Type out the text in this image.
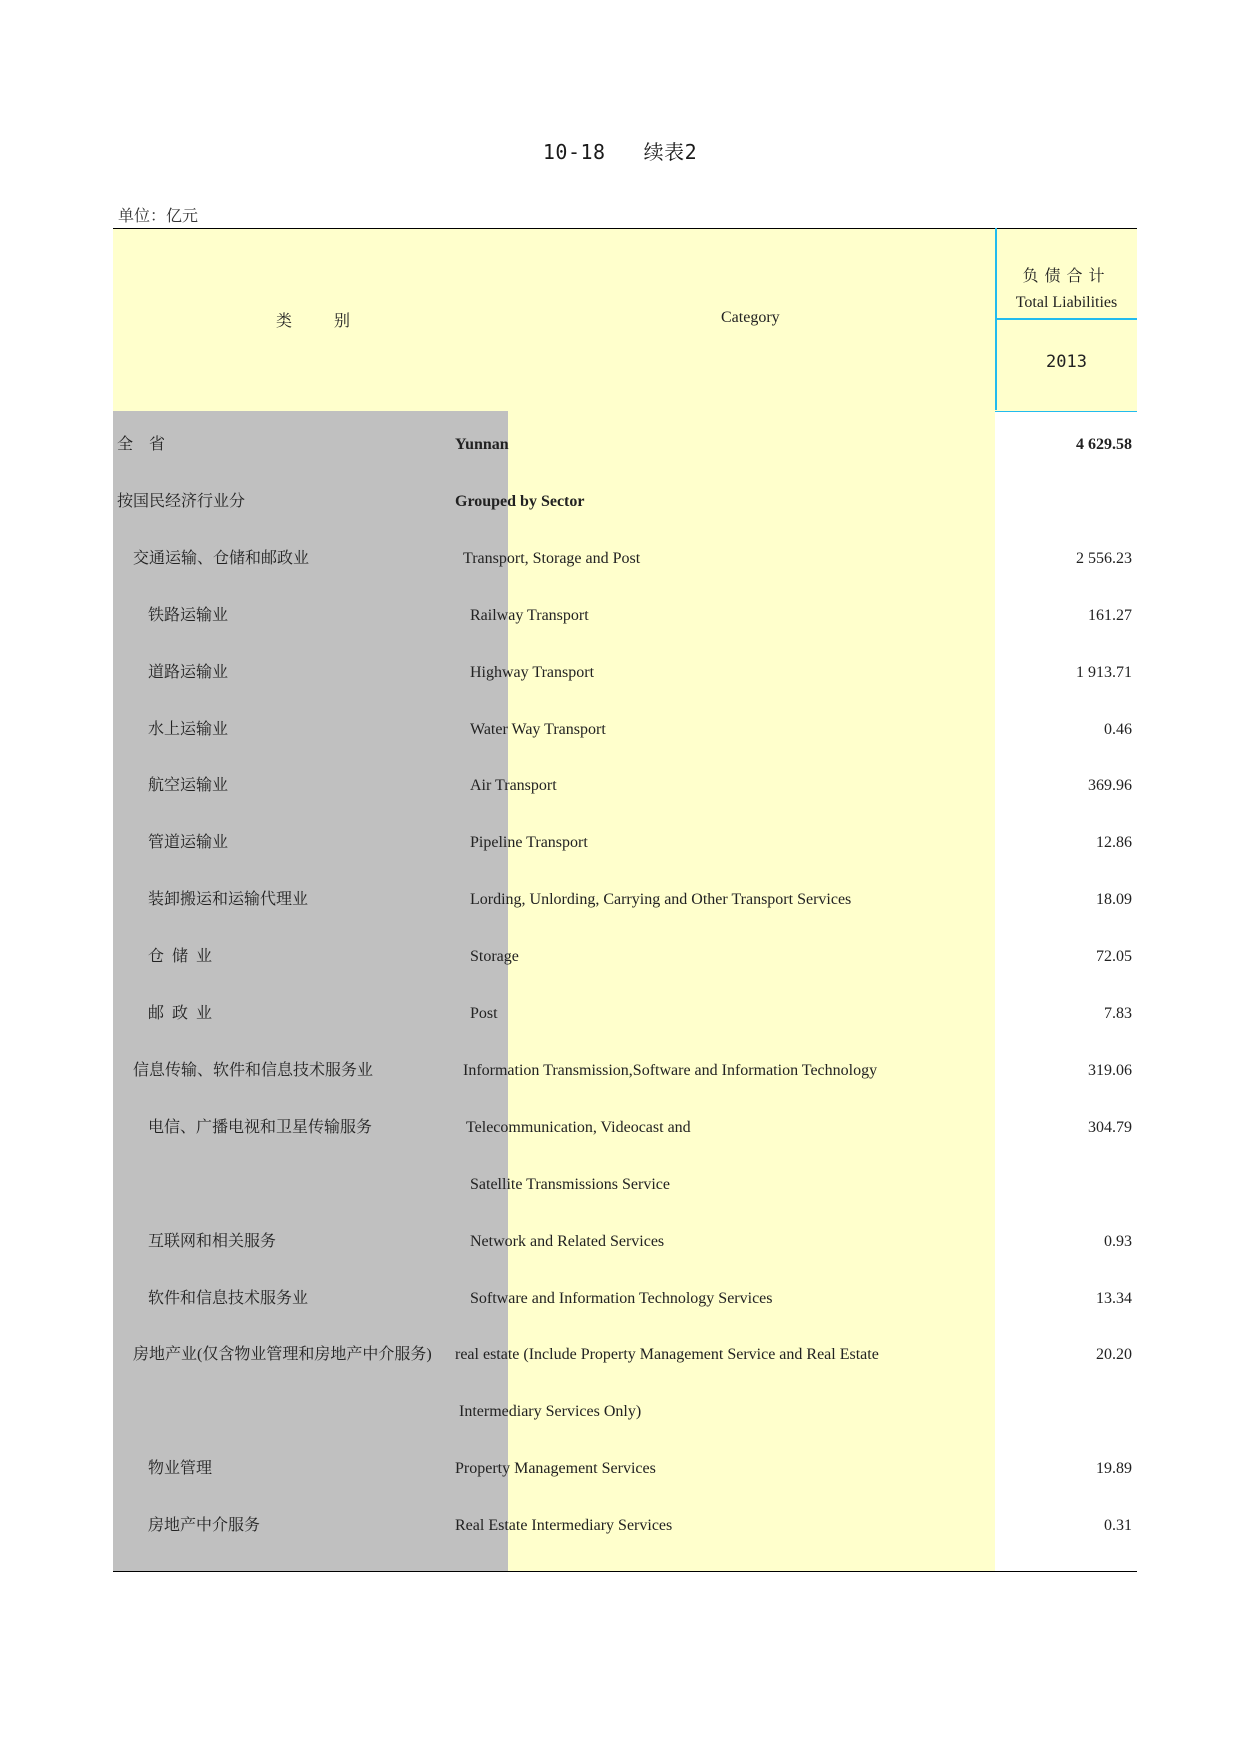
10-18 续表2
单位：亿元
类	别	Category
负债合计
Total Liabilities
2013
全　省	Yunnan	4 629.58
按国民经济行业分	Grouped by Sector
交通运输、仓储和邮政业	Transport, Storage and Post	2 556.23
铁路运输业	Railway Transport	161.27
道路运输业	Highway Transport	1 913.71
水上运输业	Water Way Transport	0.46
航空运输业	Air Transport	369.96
管道运输业	Pipeline Transport	12.86
装卸搬运和运输代理业	Lording, Unlording, Carrying and Other Transport Services	18.09
仓储业	Storage	72.05
邮政业	Post	7.83
信息传输、软件和信息技术服务业	Information Transmission,Software and Information Technology	319.06
电信、广播电视和卫星传输服务	Telecommunication, Videocast and	304.79
Satellite Transmissions Service
互联网和相关服务	Network and Related Services	0.93
软件和信息技术服务业	Software and Information Technology Services	13.34
房地产业(仅含物业管理和房地产中介服务) real estate (Include Property Management Service and Real Estate	20.20
Intermediary Services Only)
物业管理	Property Management Services	19.89
房地产中介服务	Real Estate Intermediary Services	0.31
